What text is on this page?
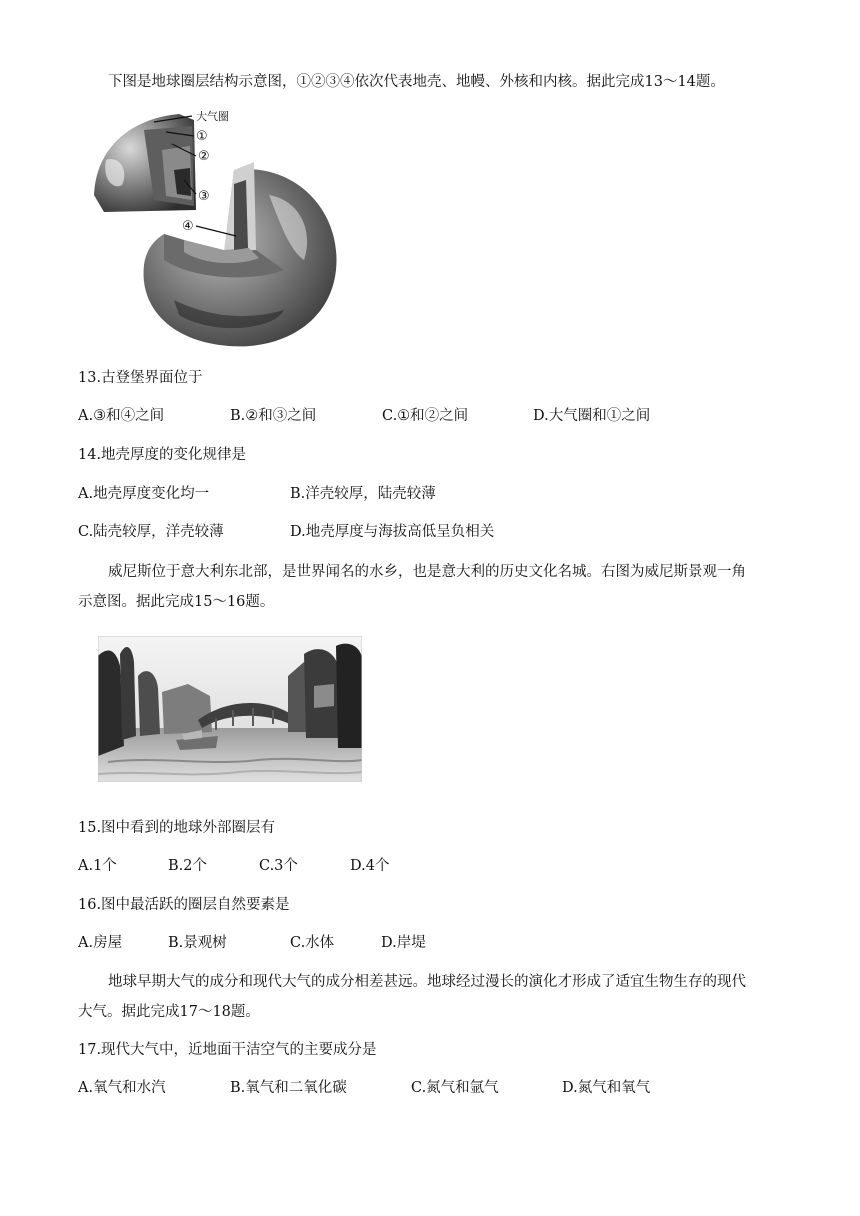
下图是地球圈层结构示意图，①②③④依次代表地壳、地幔、外核和内核。据此完成13～14题。
大气圈
①
②
③
④
13.古登堡界面位于
A.③和④之间	B.②和③之间	C.①和②之间	D.大气圈和①之间
14.地壳厚度的变化规律是
A.地壳厚度变化均一	B.洋壳较厚，陆壳较薄
C.陆壳较厚，洋壳较薄	D.地壳厚度与海拔高低呈负相关
威尼斯位于意大利东北部，是世界闻名的水乡，也是意大利的历史文化名城。右图为威尼斯景观一角
示意图。据此完成15～16题。
15.图中看到的地球外部圈层有
A.1个	B.2个	C.3个	D.4个
16.图中最活跃的圈层自然要素是
A.房屋	B.景观树	C.水体	D.岸堤
地球早期大气的成分和现代大气的成分相差甚远。地球经过漫长的演化才形成了适宜生物生存的现代
大气。据此完成17～18题。
17.现代大气中，近地面干洁空气的主要成分是
A.氧气和水汽	B.氧气和二氧化碳	C.氮气和氩气	D.氮气和氧气
